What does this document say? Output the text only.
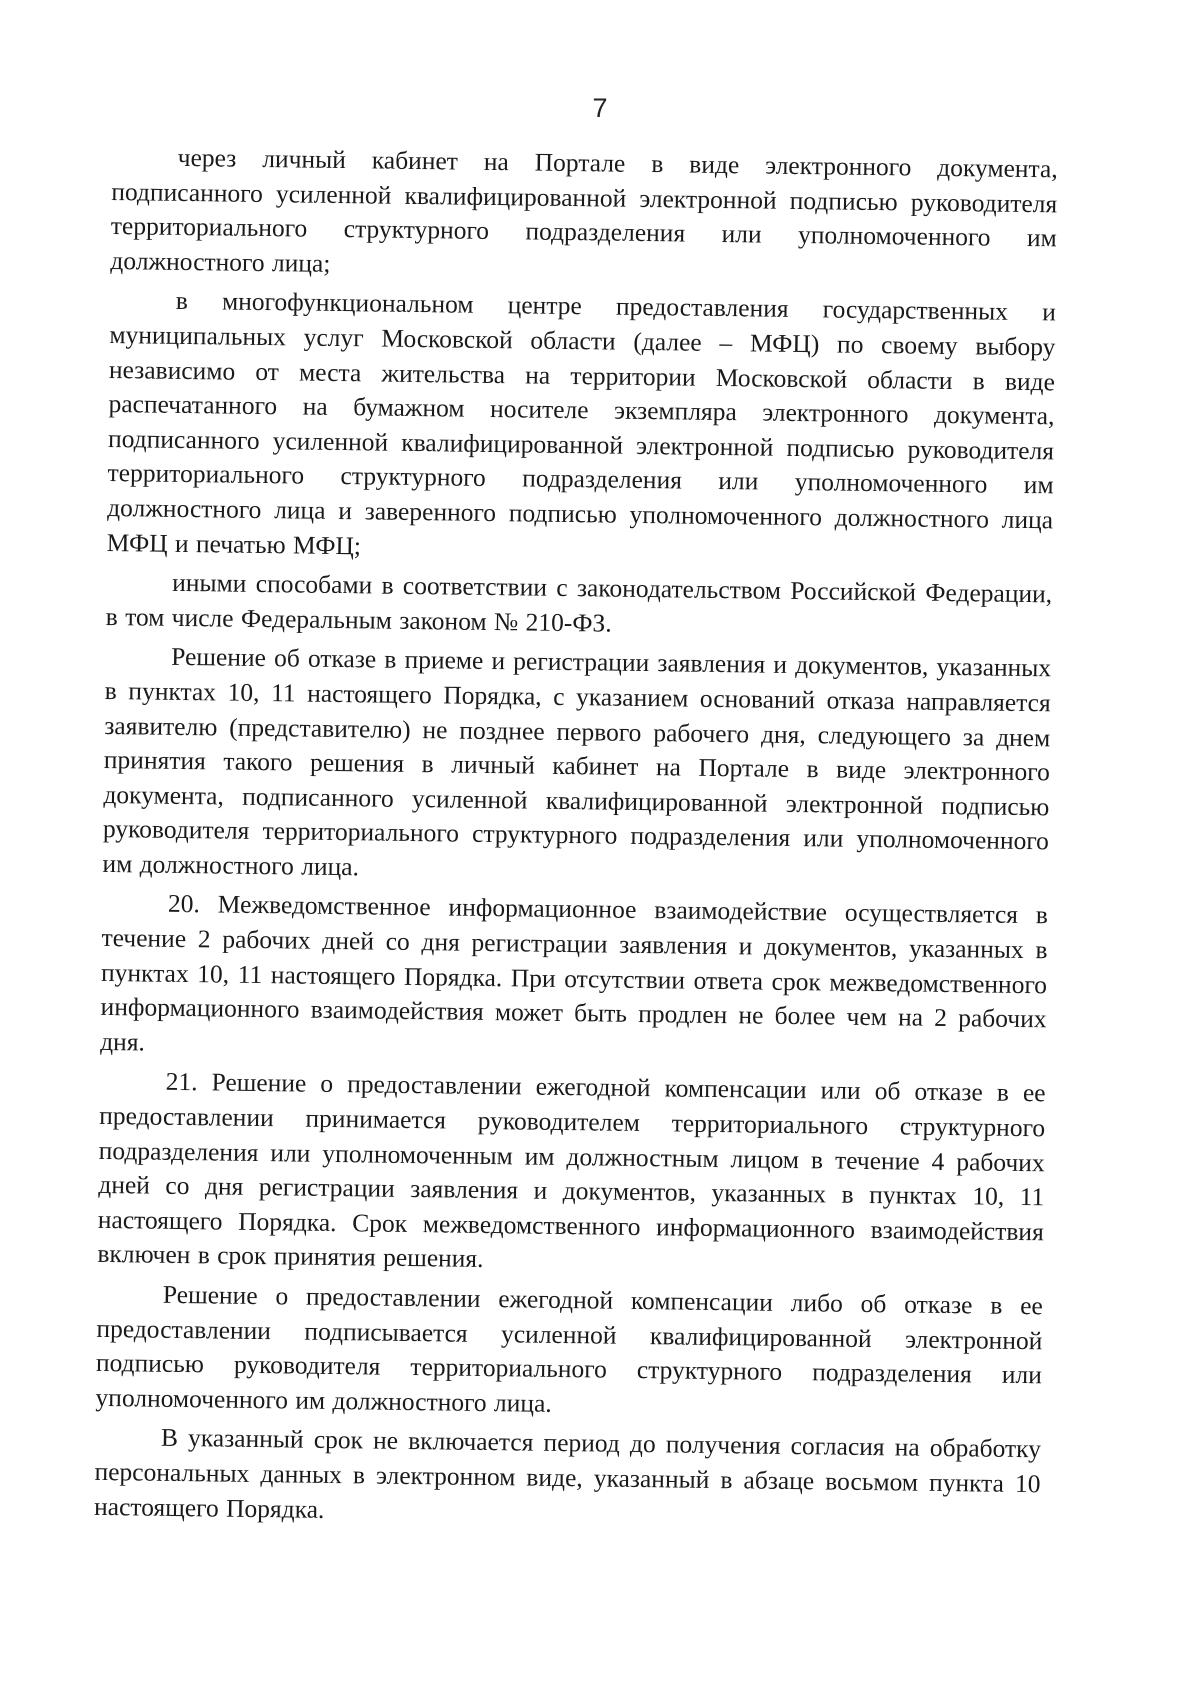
7

через личный кабинет на Портале в виде электронного документа, подписанного усиленной квалифицированной электронной подписью руководителя территориального структурного подразделения или уполномоченного им должностного лица;

в многофункциональном центре предоставления государственных и муниципальных услуг Московской области (далее – МФЦ) по своему выбору независимо от места жительства на территории Московской области в виде распечатанного на бумажном носителе экземпляра электронного документа, подписанного усиленной квалифицированной электронной подписью руководителя территориального структурного подразделения или уполномоченного им должностного лица и заверенного подписью уполномоченного должностного лица МФЦ и печатью МФЦ;

иными способами в соответствии с законодательством Российской Федерации, в том числе Федеральным законом № 210-ФЗ.

Решение об отказе в приеме и регистрации заявления и документов, указанных в пунктах 10, 11 настоящего Порядка, с указанием оснований отказа направляется заявителю (представителю) не позднее первого рабочего дня, следующего за днем принятия такого решения в личный кабинет на Портале в виде электронного документа, подписанного усиленной квалифицированной электронной подписью руководителя территориального структурного подразделения или уполномоченного им должностного лица.

20. Межведомственное информационное взаимодействие осуществляется в течение 2 рабочих дней со дня регистрации заявления и документов, указанных в пунктах 10, 11 настоящего Порядка. При отсутствии ответа срок межведомственного информационного взаимодействия может быть продлен не более чем на 2 рабочих дня.

21. Решение о предоставлении ежегодной компенсации или об отказе в ее предоставлении принимается руководителем территориального структурного подразделения или уполномоченным им должностным лицом в течение 4 рабочих дней со дня регистрации заявления и документов, указанных в пунктах 10, 11 настоящего Порядка. Срок межведомственного информационного взаимодействия включен в срок принятия решения.

Решение о предоставлении ежегодной компенсации либо об отказе в ее предоставлении подписывается усиленной квалифицированной электронной подписью руководителя территориального структурного подразделения или уполномоченного им должностного лица.

В указанный срок не включается период до получения согласия на обработку персональных данных в электронном виде, указанный в абзаце восьмом пункта 10 настоящего Порядка.
